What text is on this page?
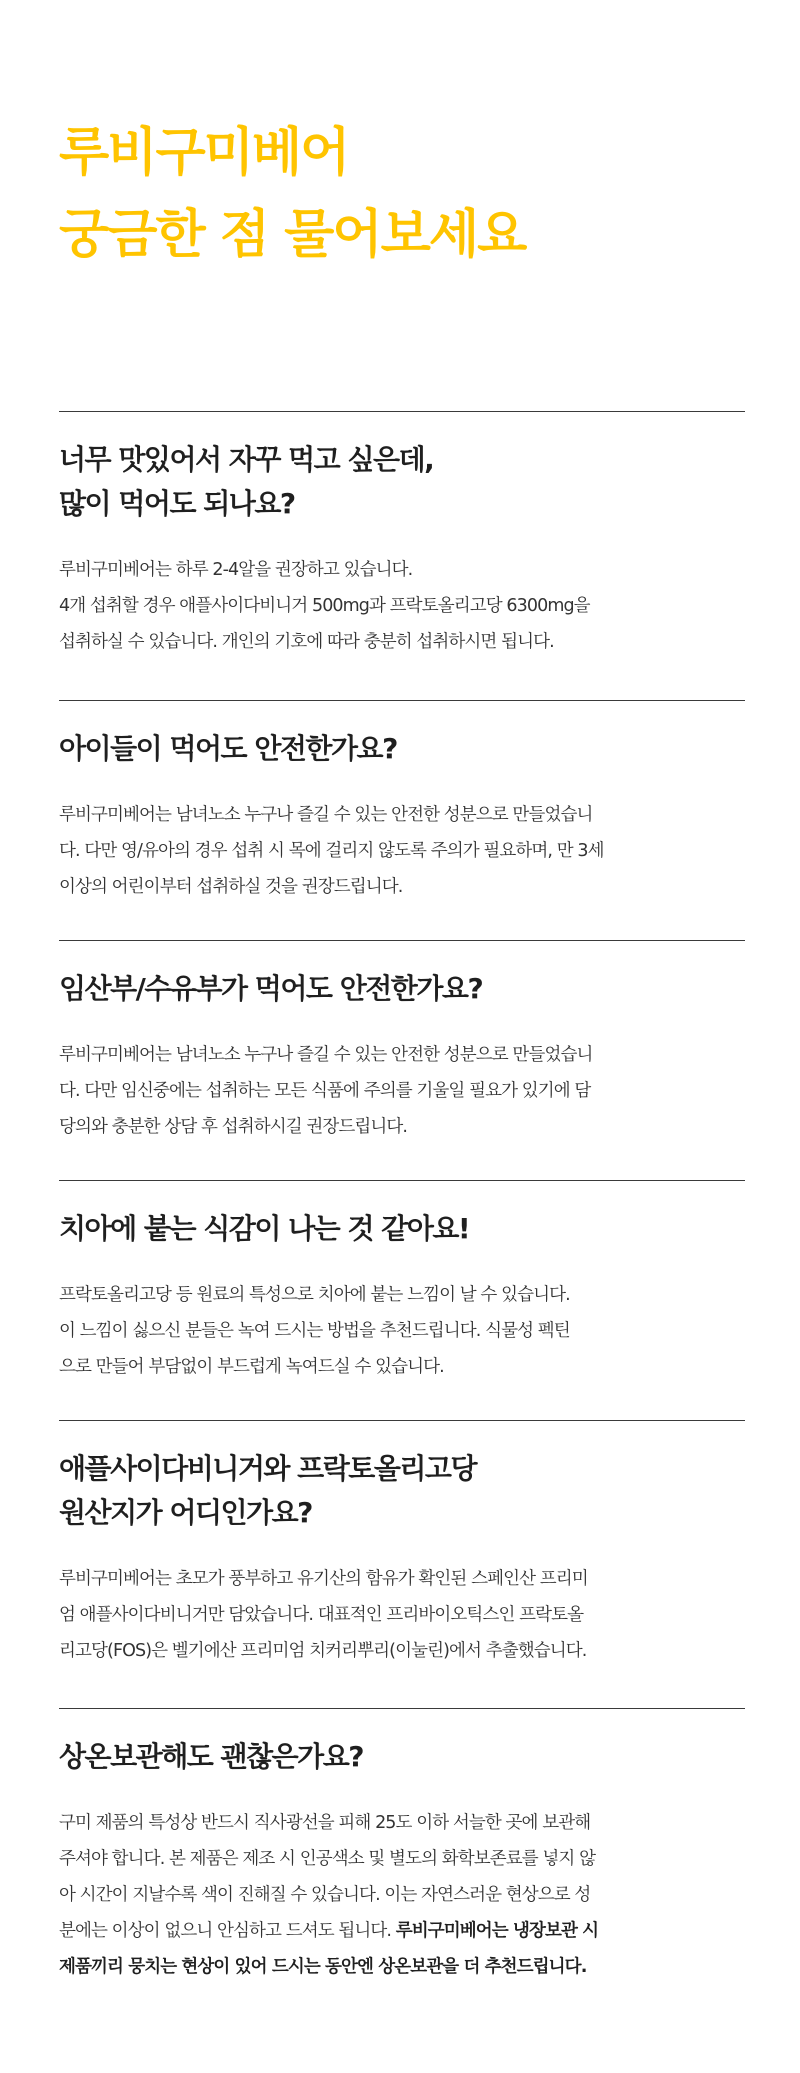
루비구미베어
궁금한 점 물어보세요
너무 맛있어서 자꾸 먹고 싶은데,
많이 먹어도 되나요?

루비구미베어는 하루 2-4알을 권장하고 있습니다.
4개 섭취할 경우 애플사이다비니거 500mg과 프락토올리고당 6300mg을
섭취하실 수 있습니다. 개인의 기호에 따라 충분히 섭취하시면 됩니다.

아이들이 먹어도 안전한가요?

루비구미베어는 남녀노소 누구나 즐길 수 있는 안전한 성분으로 만들었습니
다. 다만 영/유아의 경우 섭취 시 목에 걸리지 않도록 주의가 필요하며, 만 3세
이상의 어린이부터 섭취하실 것을 권장드립니다.

임산부/수유부가 먹어도 안전한가요?

루비구미베어는 남녀노소 누구나 즐길 수 있는 안전한 성분으로 만들었습니
다. 다만 임신중에는 섭취하는 모든 식품에 주의를 기울일 필요가 있기에 담
당의와 충분한 상담 후 섭취하시길 권장드립니다.

치아에 붙는 식감이 나는 것 같아요!

프락토올리고당 등 원료의 특성으로 치아에 붙는 느낌이 날 수 있습니다.
이 느낌이 싫으신 분들은 녹여 드시는 방법을 추천드립니다. 식물성 펙틴
으로 만들어 부담없이 부드럽게 녹여드실 수 있습니다.

애플사이다비니거와 프락토올리고당
원산지가 어디인가요?

루비구미베어는 초모가 풍부하고 유기산의 함유가 확인된 스페인산 프리미
엄 애플사이다비니거만 담았습니다. 대표적인 프리바이오틱스인 프락토올
리고당(FOS)은 벨기에산 프리미엄 치커리뿌리(이눌린)에서 추출했습니다.

상온보관해도 괜찮은가요?

구미 제품의 특성상 반드시 직사광선을 피해 25도 이하 서늘한 곳에 보관해
주셔야 합니다. 본 제품은 제조 시 인공색소 및 별도의 화학보존료를 넣지 않
아 시간이 지날수록 색이 진해질 수 있습니다. 이는 자연스러운 현상으로 성
분에는 이상이 없으니 안심하고 드셔도 됩니다. 루비구미베어는 냉장보관 시
제품끼리 뭉치는 현상이 있어 드시는 동안엔 상온보관을 더 추천드립니다.
